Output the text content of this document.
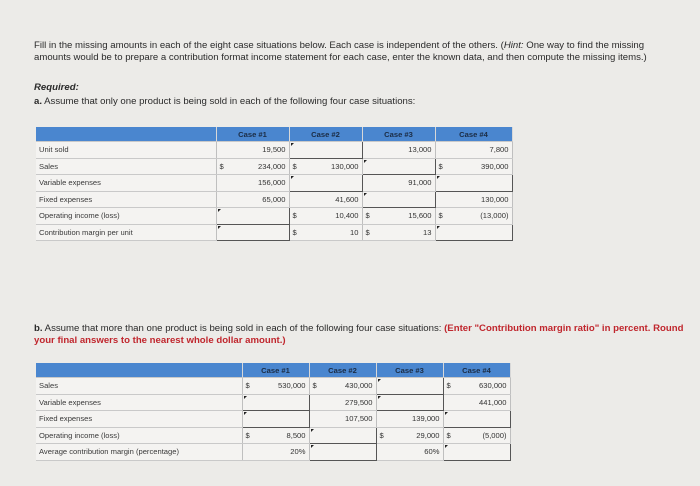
Fill in the missing amounts in each of the eight case situations below. Each case is independent of the others. (Hint: One way to find the missing amounts would be to prepare a contribution format income statement for each case, enter the known data, and then compute the missing items.)
Required:
a. Assume that only one product is being sold in each of the following four case situations:
	Case #1		Case #2		Case #3		Case #4	
Unit sold		19,500				13,000		7,800
Sales	$	234,000	$	130,000			$	390,000
Variable expenses		156,000				91,000		
Fixed expenses		65,000		41,600				130,000
Operating income (loss)			$	10,400	$	15,600	$	(13,000)
Contribution margin per unit			$	10	$	13		
b. Assume that more than one product is being sold in each of the following four case situations: (Enter "Contribution margin ratio" in percent. Round your final answers to the nearest whole dollar amount.)
	Case #1		Case #2		Case #3		Case #4	
Sales	$	530,000	$	430,000			$	630,000
Variable expenses				279,500				441,000
Fixed expenses				107,500		139,000		
Operating income (loss)	$	8,500			$	29,000	$	(5,000)
Average contribution margin (percentage)		20%				60%		
